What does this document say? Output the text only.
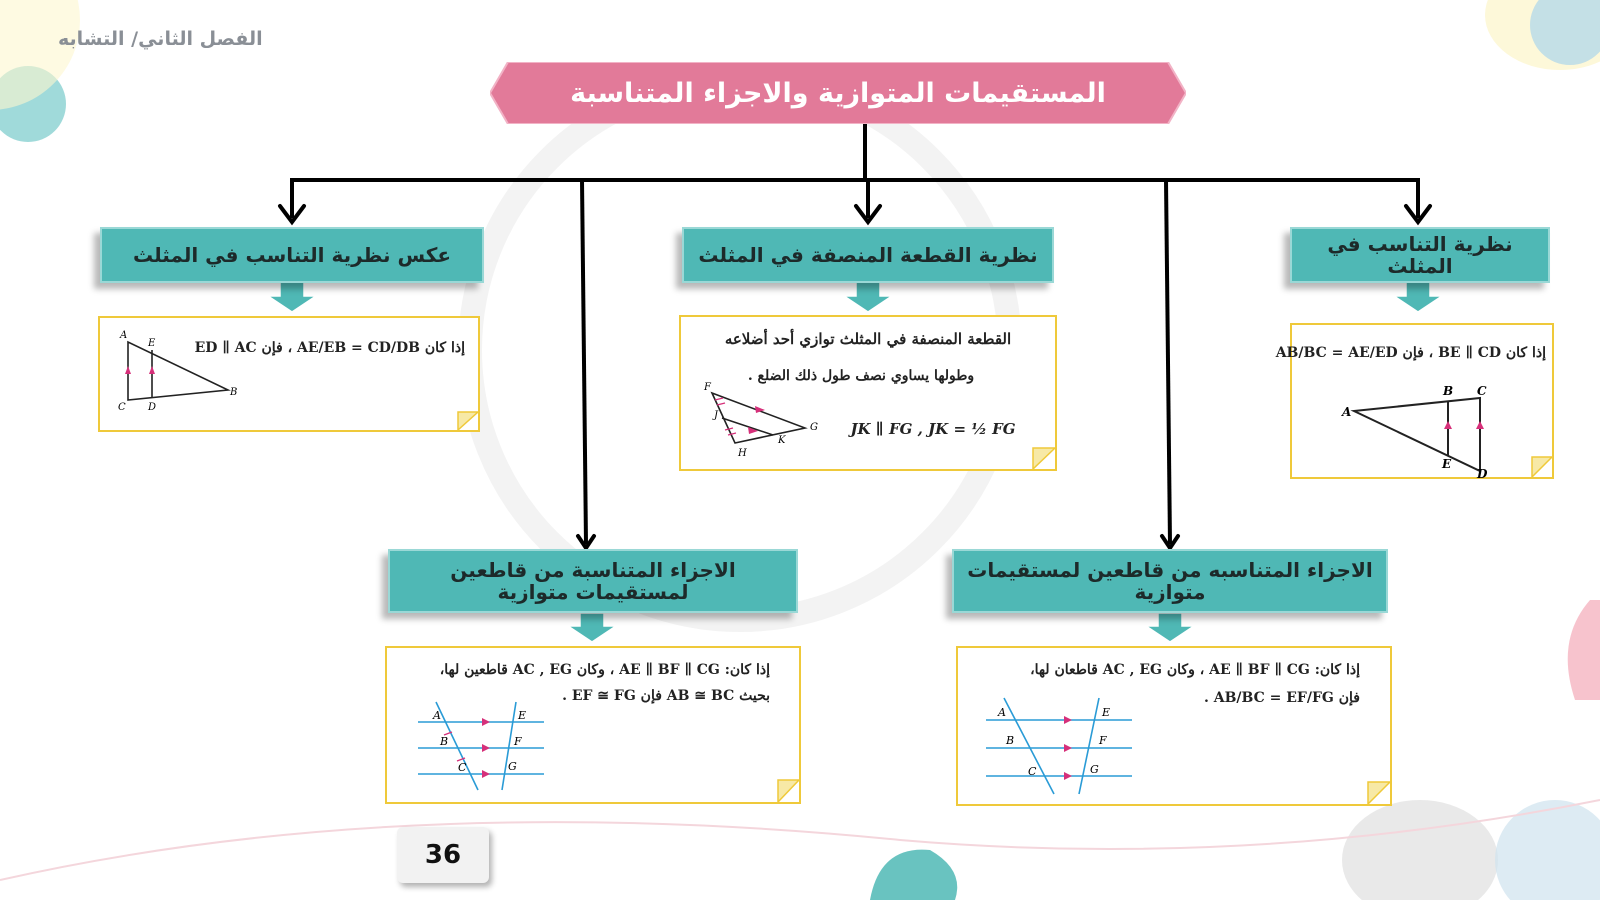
الفصل الثاني/ التشابه
المستقيمات المتوازية والاجزاء المتناسبة
نظرية التناسب في المثلث
إذا كان BE ∥ CD ، فإن AB/BC = AE/ED
A
B C
D
E
نظرية القطعة المنصفة في المثلث
القطعة المنصفة في المثلث توازي أحد أضلاعه
وطولها يساوي نصف طول ذلك الضلع .
JK ∥ FG , JK = ½ FG
F
J
H
K
G
عكس نظرية التناسب في المثلث
إذا كان AE/EB = CD/DB ، فإن ED ∥ AC
A
E
C D
B
الاجزاء المتناسبه من قاطعين لمستقيمات متوازية
إذا كان: AE ∥ BF ∥ CG ، وكان AC , EG قاطعان لها،
فإن AB/BC = EF/FG .
A
B
C
E
F
G
الاجزاء المتناسبة من قاطعين لمستقيمات متوازية
إذا كان: AE ∥ BF ∥ CG ، وكان AC , EG قاطعين لها،
بحيث AB ≅ BC فإن EF ≅ FG .
A
B
C
E
F
G
36
